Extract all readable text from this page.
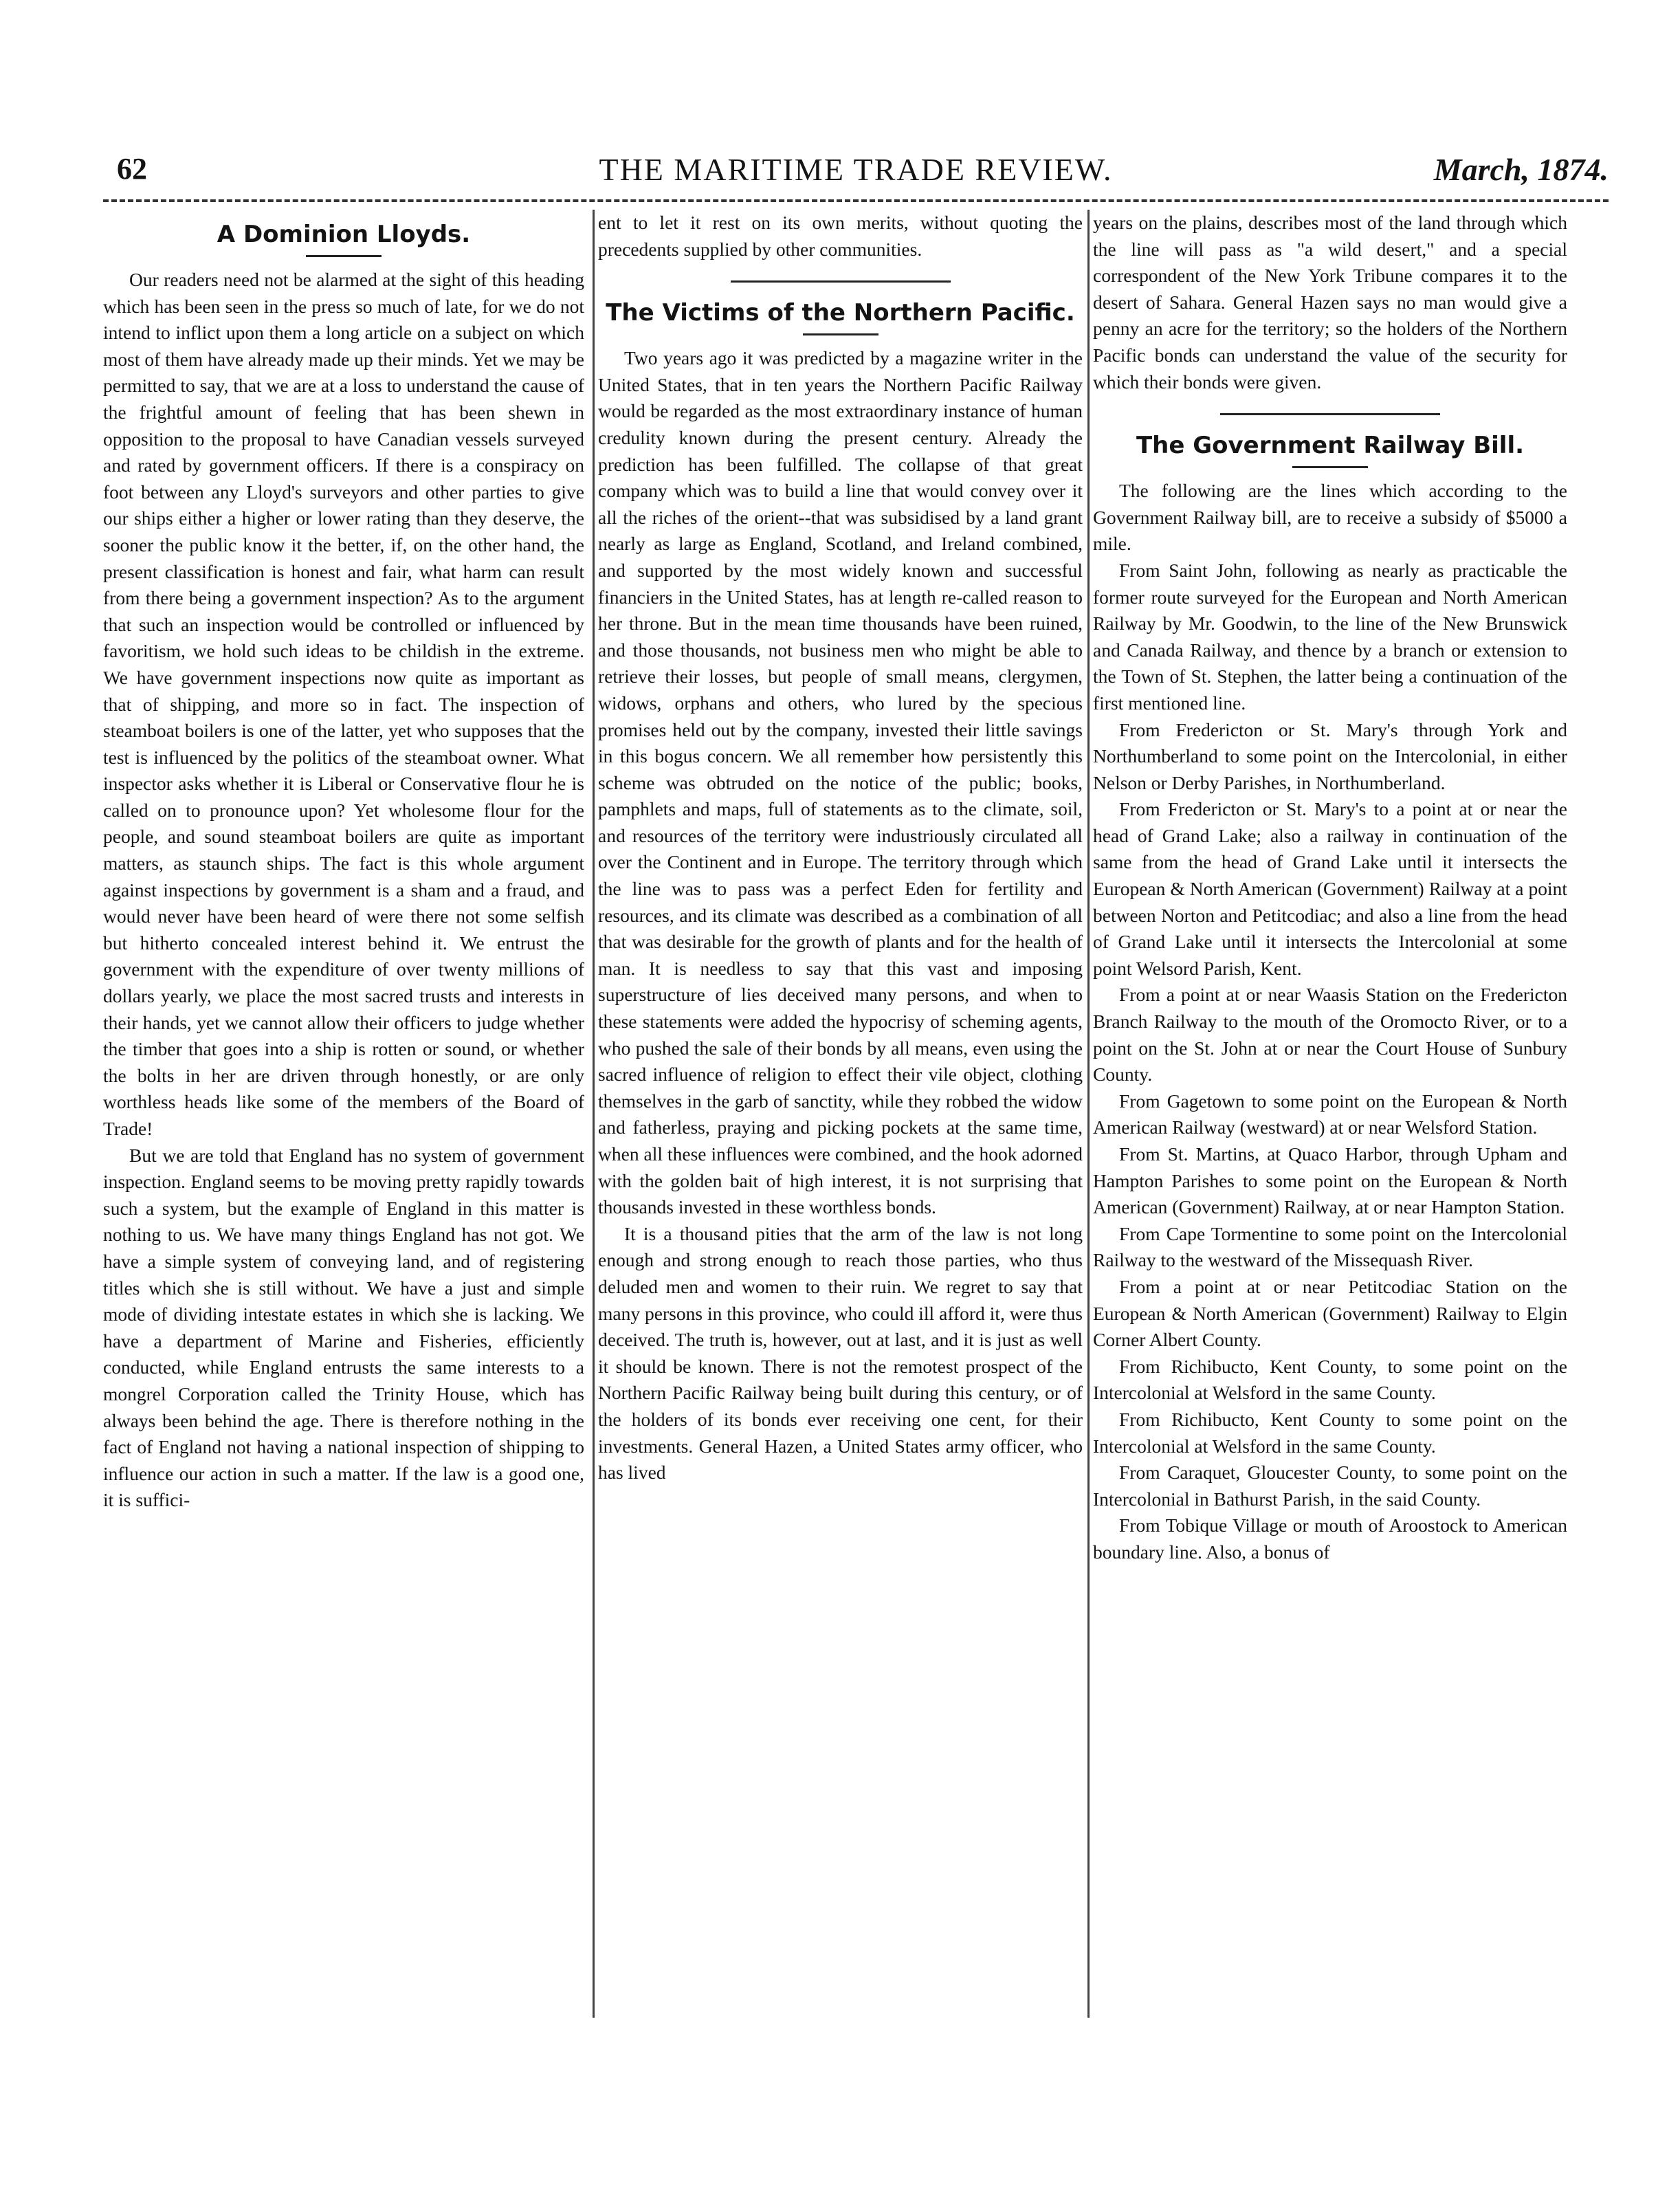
62	THE MARITIME TRADE REVIEW.	March, 1874.
A Dominion Lloyds.

Our readers need not be alarmed at the sight of this heading which has been seen in the press so much of late, for we do not intend to inflict upon them a long article on a subject on which most of them have already made up their minds. Yet we may be permitted to say, that we are at a loss to understand the cause of the frightful amount of feeling that has been shewn in opposition to the proposal to have Canadian vessels surveyed and rated by government officers. If there is a conspiracy on foot between any Lloyd's surveyors and other parties to give our ships either a higher or lower rating than they deserve, the sooner the public know it the better, if, on the other hand, the present classification is honest and fair, what harm can result from there being a government inspection? As to the argument that such an inspection would be controlled or influenced by favoritism, we hold such ideas to be childish in the extreme. We have government inspections now quite as important as that of shipping, and more so in fact. The inspection of steamboat boilers is one of the latter, yet who supposes that the test is influenced by the politics of the steamboat owner. What inspector asks whether it is Liberal or Conservative flour he is called on to pronounce upon? Yet wholesome flour for the people, and sound steamboat boilers are quite as important matters, as staunch ships. The fact is this whole argument against inspections by government is a sham and a fraud, and would never have been heard of were there not some selfish but hitherto concealed interest behind it. We entrust the government with the expenditure of over twenty millions of dollars yearly, we place the most sacred trusts and interests in their hands, yet we cannot allow their officers to judge whether the timber that goes into a ship is rotten or sound, or whether the bolts in her are driven through honestly, or are only worthless heads like some of the members of the Board of Trade!

But we are told that England has no system of government inspection. England seems to be moving pretty rapidly towards such a system, but the example of England in this matter is nothing to us. We have many things England has not got. We have a simple system of conveying land, and of registering titles which she is still without. We have a just and simple mode of dividing intestate estates in which she is lacking. We have a department of Marine and Fisheries, efficiently conducted, while England entrusts the same interests to a mongrel Corporation called the Trinity House, which has always been behind the age. There is therefore nothing in the fact of England not having a national inspection of shipping to influence our action in such a matter. If the law is a good one, it is suffici-

ent to let it rest on its own merits, without quoting the precedents supplied by other communities.

The Victims of the Northern Pacific.

Two years ago it was predicted by a magazine writer in the United States, that in ten years the Northern Pacific Railway would be regarded as the most extraordinary instance of human credulity known during the present century. Already the prediction has been fulfilled. The collapse of that great company which was to build a line that would convey over it all the riches of the orient--that was subsidised by a land grant nearly as large as England, Scotland, and Ireland combined, and supported by the most widely known and successful financiers in the United States, has at length re-called reason to her throne. But in the mean time thousands have been ruined, and those thousands, not business men who might be able to retrieve their losses, but people of small means, clergymen, widows, orphans and others, who lured by the specious promises held out by the company, invested their little savings in this bogus concern. We all remember how persistently this scheme was obtruded on the notice of the public; books, pamphlets and maps, full of statements as to the climate, soil, and resources of the territory were industriously circulated all over the Continent and in Europe. The territory through which the line was to pass was a perfect Eden for fertility and resources, and its climate was described as a combination of all that was desirable for the growth of plants and for the health of man. It is needless to say that this vast and imposing superstructure of lies deceived many persons, and when to these statements were added the hypocrisy of scheming agents, who pushed the sale of their bonds by all means, even using the sacred influence of religion to effect their vile object, clothing themselves in the garb of sanctity, while they robbed the widow and fatherless, praying and picking pockets at the same time, when all these influences were combined, and the hook adorned with the golden bait of high interest, it is not surprising that thousands invested in these worthless bonds.

It is a thousand pities that the arm of the law is not long enough and strong enough to reach those parties, who thus deluded men and women to their ruin. We regret to say that many persons in this province, who could ill afford it, were thus deceived. The truth is, however, out at last, and it is just as well it should be known. There is not the remotest prospect of the Northern Pacific Railway being built during this century, or of the holders of its bonds ever receiving one cent, for their investments. General Hazen, a United States army officer, who has lived

years on the plains, describes most of the land through which the line will pass as "a wild desert," and a special correspondent of the New York Tribune compares it to the desert of Sahara. General Hazen says no man would give a penny an acre for the territory; so the holders of the Northern Pacific bonds can understand the value of the security for which their bonds were given.

The Government Railway Bill.

The following are the lines which according to the Government Railway bill, are to receive a subsidy of $5000 a mile.

From Saint John, following as nearly as practicable the former route surveyed for the European and North American Railway by Mr. Goodwin, to the line of the New Brunswick and Canada Railway, and thence by a branch or extension to the Town of St. Stephen, the latter being a continuation of the first mentioned line.

From Fredericton or St. Mary's through York and Northumberland to some point on the Intercolonial, in either Nelson or Derby Parishes, in Northumberland.

From Fredericton or St. Mary's to a point at or near the head of Grand Lake; also a railway in continuation of the same from the head of Grand Lake until it intersects the European & North American (Government) Railway at a point between Norton and Petitcodiac; and also a line from the head of Grand Lake until it intersects the Intercolonial at some point Welsord Parish, Kent.

From a point at or near Waasis Station on the Fredericton Branch Railway to the mouth of the Oromocto River, or to a point on the St. John at or near the Court House of Sunbury County.

From Gagetown to some point on the European & North American Railway (westward) at or near Welsford Station.

From St. Martins, at Quaco Harbor, through Upham and Hampton Parishes to some point on the European & North American (Government) Railway, at or near Hampton Station.

From Cape Tormentine to some point on the Intercolonial Railway to the westward of the Missequash River.

From a point at or near Petitcodiac Station on the European & North American (Government) Railway to Elgin Corner Albert County.

From Richibucto, Kent County, to some point on the Intercolonial at Welsford in the same County.

From Richibucto, Kent County to some point on the Intercolonial at Welsford in the same County.

From Caraquet, Gloucester County, to some point on the Intercolonial in Bathurst Parish, in the said County.

From Tobique Village or mouth of Aroostock to American boundary line. Also, a bonus of
